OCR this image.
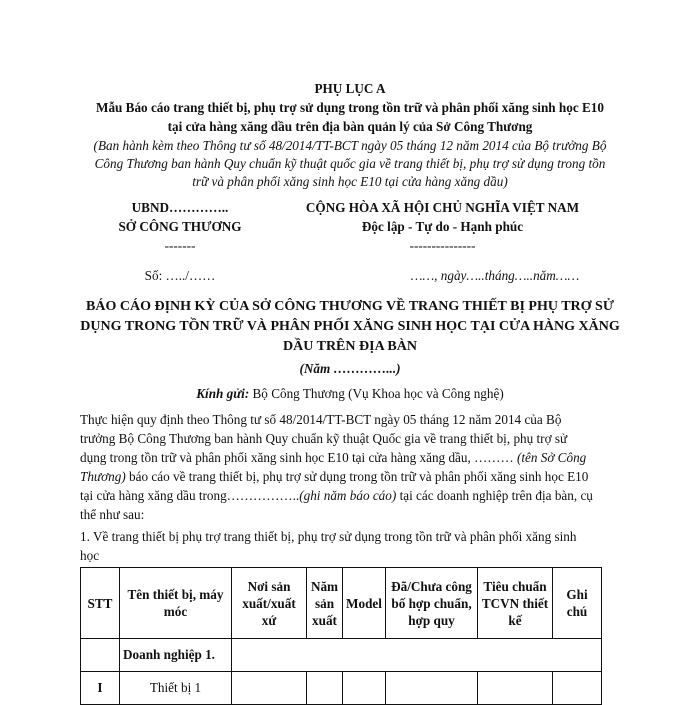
PHỤ LỤC A
Mẫu Báo cáo trang thiết bị, phụ trợ sử dụng trong tồn trữ và phân phối xăng sinh học E10
tại cửa hàng xăng dầu trên địa bàn quản lý của Sở Công Thương
(Ban hành kèm theo Thông tư số 48/2014/TT-BCT ngày 05 tháng 12 năm 2014 của Bộ trưởng Bộ
Công Thương ban hành Quy chuẩn kỹ thuật quốc gia về trang thiết bị, phụ trợ sử dụng trong tồn
trữ và phân phối xăng sinh học E10 tại cửa hàng xăng dầu)
UBND…………..
SỞ CÔNG THƯƠNG
-------
CỘNG HÒA XÃ HỘI CHỦ NGHĨA VIỆT NAM
Độc lập - Tự do - Hạnh phúc
---------------
Số: …../……	……, ngày…..tháng…..năm……
BÁO CÁO ĐỊNH KỲ CỦA SỞ CÔNG THƯƠNG VỀ TRANG THIẾT BỊ PHỤ TRỢ SỬ
DỤNG TRONG TỒN TRỮ VÀ PHÂN PHỐI XĂNG SINH HỌC TẠI CỬA HÀNG XĂNG
DẦU TRÊN ĐỊA BÀN
(Năm …………...)
Kính gửi: Bộ Công Thương (Vụ Khoa học và Công nghệ)
Thực hiện quy định theo Thông tư số 48/2014/TT-BCT ngày 05 tháng 12 năm 2014 của Bộ
trưởng Bộ Công Thương ban hành Quy chuẩn kỹ thuật Quốc gia về trang thiết bị, phụ trợ sử
dụng trong tồn trữ và phân phối xăng sinh học E10 tại cửa hàng xăng dầu, ……… (tên Sở Công
Thương) báo cáo về trang thiết bị, phụ trợ sử dụng trong tồn trữ và phân phối xăng sinh học E10
tại cửa hàng xăng dầu trong……………..(ghi năm báo cáo) tại các doanh nghiệp trên địa bàn, cụ
thể như sau:
1. Về trang thiết bị phụ trợ trang thiết bị, phụ trợ sử dụng trong tồn trữ và phân phối xăng sinh
học
STT	Tên thiết bị, máy móc	Nơi sản xuất/xuất xứ	Năm sản xuất	Model	Đã/Chưa công bố hợp chuẩn, hợp quy	Tiêu chuẩn TCVN thiết kế	Ghi chú
	Doanh nghiệp 1.						
I	Thiết bị 1						
